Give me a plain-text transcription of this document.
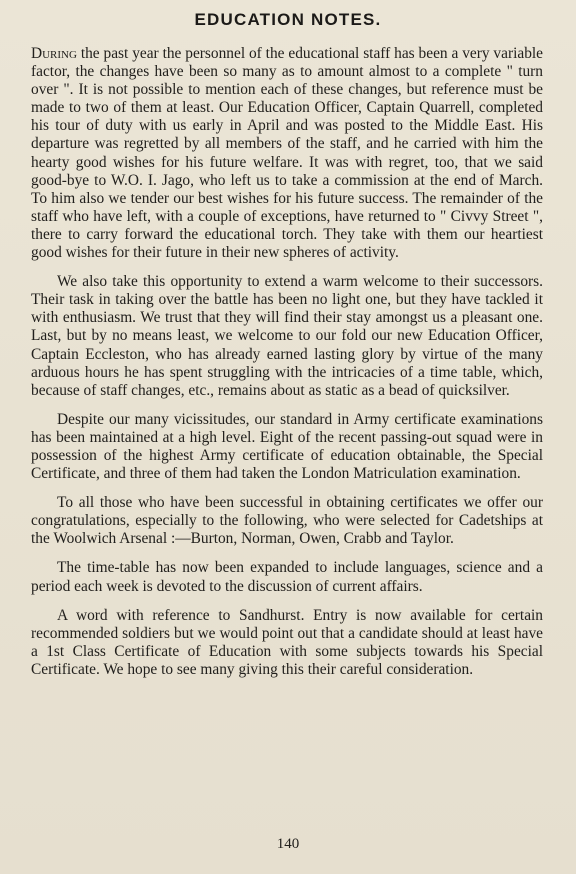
EDUCATION NOTES.

During the past year the personnel of the educational staff has been a very variable factor, the changes have been so many as to amount almost to a complete " turn over ". It is not possible to mention each of these changes, but reference must be made to two of them at least. Our Education Officer, Captain Quarrell, completed his tour of duty with us early in April and was posted to the Middle East. His departure was regretted by all members of the staff, and he carried with him the hearty good wishes for his future welfare. It was with regret, too, that we said good-bye to W.O. I. Jago, who left us to take a commission at the end of March. To him also we tender our best wishes for his future success. The remainder of the staff who have left, with a couple of exceptions, have returned to " Civvy Street ", there to carry forward the educational torch. They take with them our heartiest good wishes for their future in their new spheres of activity.

We also take this opportunity to extend a warm welcome to their successors. Their task in taking over the battle has been no light one, but they have tackled it with enthusiasm. We trust that they will find their stay amongst us a pleasant one. Last, but by no means least, we welcome to our fold our new Education Officer, Captain Eccleston, who has already earned lasting glory by virtue of the many arduous hours he has spent struggling with the intricacies of a time table, which, because of staff changes, etc., remains about as static as a bead of quicksilver.

Despite our many vicissitudes, our standard in Army certificate examinations has been maintained at a high level. Eight of the recent passing-out squad were in possession of the highest Army certificate of education obtainable, the Special Certificate, and three of them had taken the London Matriculation examination.

To all those who have been successful in obtaining certificates we offer our congratulations, especially to the following, who were selected for Cadetships at the Woolwich Arsenal :—Burton, Norman, Owen, Crabb and Taylor.

The time-table has now been expanded to include languages, science and a period each week is devoted to the discussion of current affairs.

A word with reference to Sandhurst. Entry is now available for certain recommended soldiers but we would point out that a candidate should at least have a 1st Class Certificate of Education with some subjects towards his Special Certificate. We hope to see many giving this their careful consideration.

140
